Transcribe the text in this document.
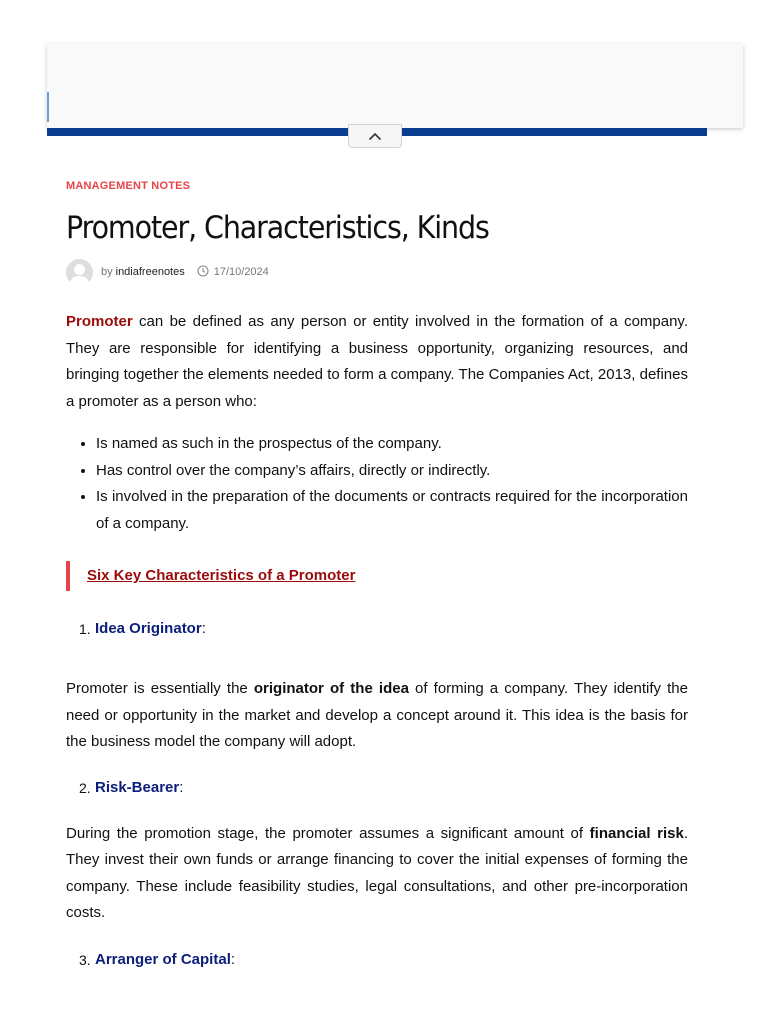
MANAGEMENT NOTES
Promoter, Characteristics, Kinds
by indiafreenotes	17/10/2024

Promoter can be defined as any person or entity involved in the formation of a company. They are responsible for identifying a business opportunity, organizing resources, and bringing together the elements needed to form a company. The Companies Act, 2013, defines a promoter as a person who:

• Is named as such in the prospectus of the company.
• Has control over the company’s affairs, directly or indirectly.
• Is involved in the preparation of the documents or contracts required for the incorporation of a company.
Six Key Characteristics of a Promoter
1. Idea Originator:

Promoter is essentially the originator of the idea of forming a company. They identify the need or opportunity in the market and develop a concept around it. This idea is the basis for the business model the company will adopt.

2. Risk-Bearer:

During the promotion stage, the promoter assumes a significant amount of financial risk. They invest their own funds or arrange financing to cover the initial expenses of forming the company. These include feasibility studies, legal consultations, and other pre-incorporation costs.

3. Arranger of Capital:
